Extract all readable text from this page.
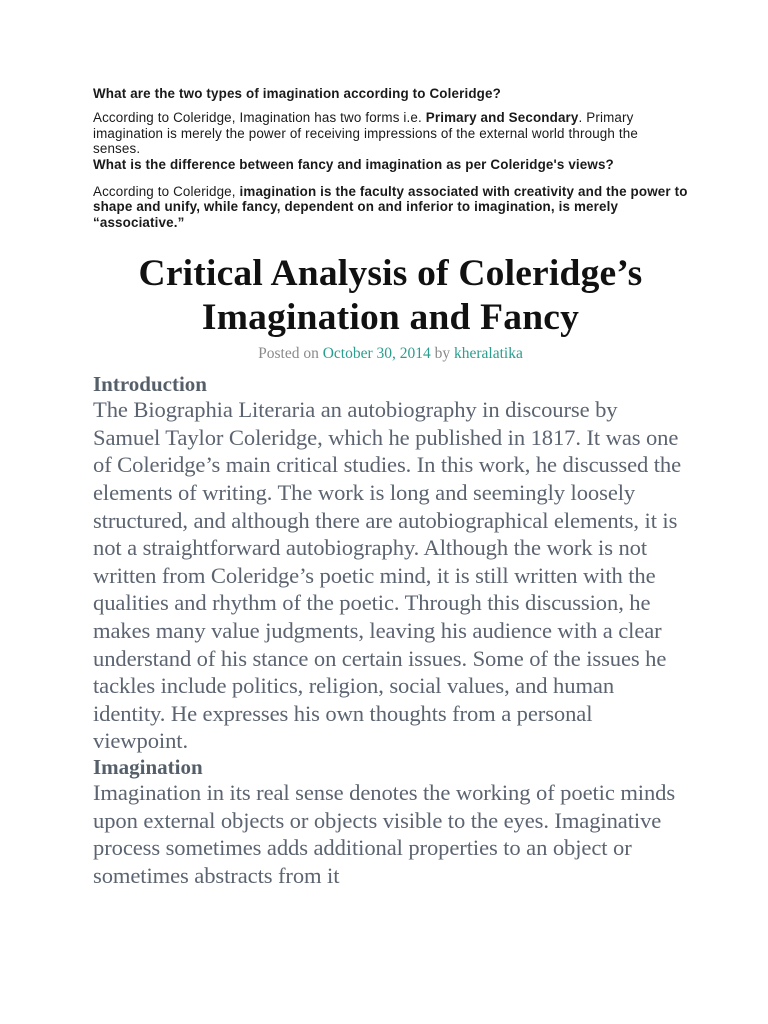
What are the two types of imagination according to Coleridge?

According to Coleridge, Imagination has two forms i.e. Primary and Secondary. Primary imagination is merely the power of receiving impressions of the external world through the senses.

What is the difference between fancy and imagination as per Coleridge's views?

According to Coleridge, imagination is the faculty associated with creativity and the power to shape and unify, while fancy, dependent on and inferior to imagination, is merely “associative.”

Critical Analysis of Coleridge’s Imagination and Fancy

Posted on October 30, 2014 by kheralatika

Introduction

The Biographia Literaria an autobiography in discourse by Samuel Taylor Coleridge, which he published in 1817. It was one of Coleridge’s main critical studies. In this work, he discussed the elements of writing. The work is long and seemingly loosely structured, and although there are autobiographical elements, it is not a straightforward autobiography. Although the work is not written from Coleridge’s poetic mind, it is still written with the qualities and rhythm of the poetic. Through this discussion, he makes many value judgments, leaving his audience with a clear understand of his stance on certain issues. Some of the issues he tackles include politics, religion, social values, and human identity. He expresses his own thoughts from a personal viewpoint.

Imagination

Imagination in its real sense denotes the working of poetic minds upon external objects or objects visible to the eyes. Imaginative process sometimes adds additional properties to an object or sometimes abstracts from it
